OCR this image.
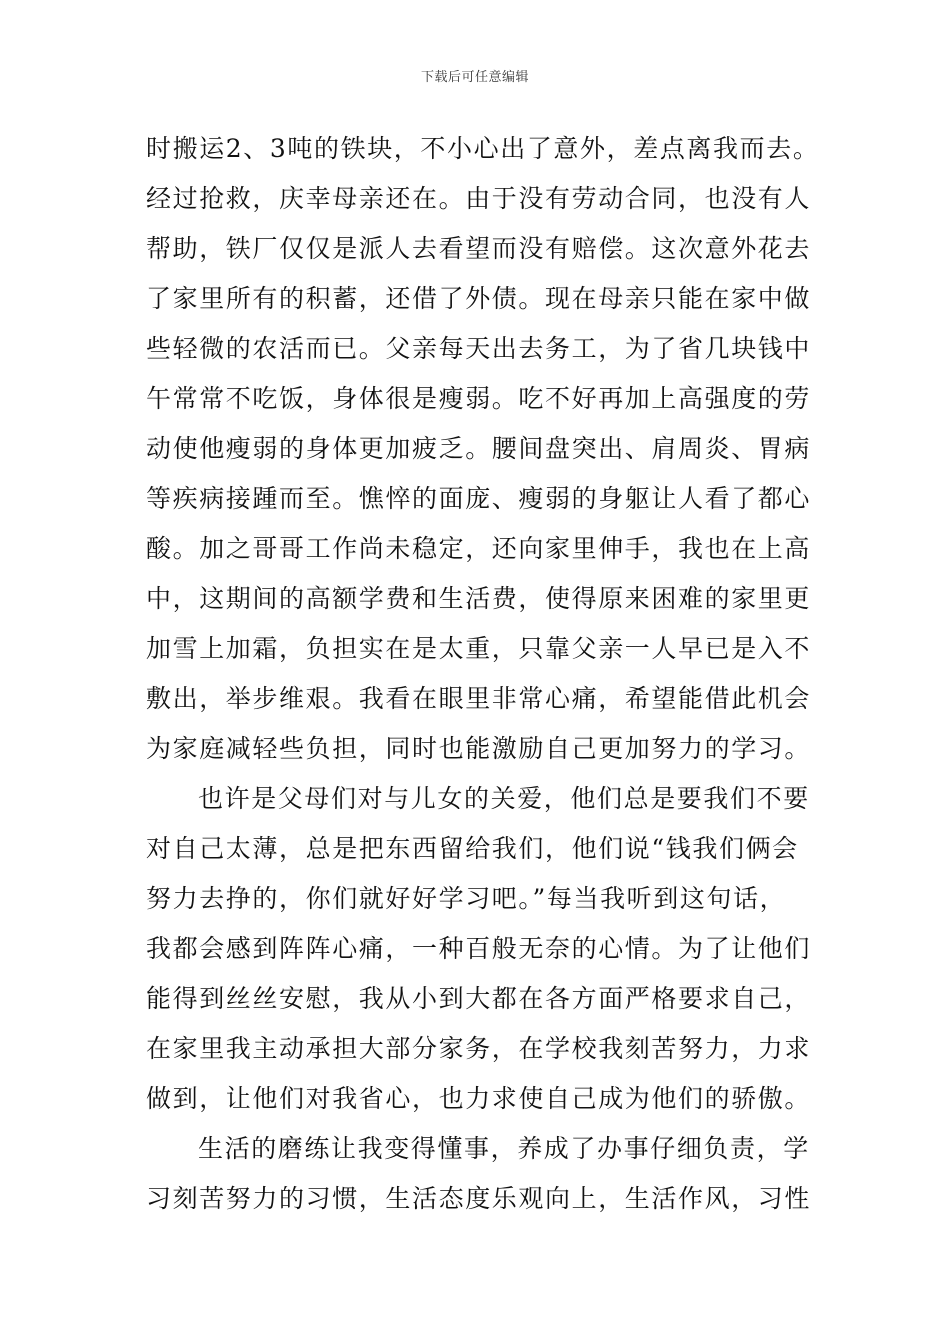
下载后可任意编辑
时搬运2、3吨的铁块，不小心出了意外，差点离我而去。
经过抢救，庆幸母亲还在。由于没有劳动合同，也没有人
帮助，铁厂仅仅是派人去看望而没有赔偿。这次意外花去
了家里所有的积蓄，还借了外债。现在母亲只能在家中做
些轻微的农活而已。父亲每天出去务工，为了省几块钱中
午常常不吃饭，身体很是瘦弱。吃不好再加上高强度的劳
动使他瘦弱的身体更加疲乏。腰间盘突出、肩周炎、胃病
等疾病接踵而至。憔悴的面庞、瘦弱的身躯让人看了都心
酸。加之哥哥工作尚未稳定，还向家里伸手，我也在上高
中，这期间的高额学费和生活费，使得原来困难的家里更
加雪上加霜，负担实在是太重，只靠父亲一人早已是入不
敷出，举步维艰。我看在眼里非常心痛，希望能借此机会
为家庭减轻些负担，同时也能激励自己更加努力的学习。
也许是父母们对与儿女的关爱，他们总是要我们不要
对自己太薄，总是把东西留给我们，他们说“钱我们俩会
努力去挣的，你们就好好学习吧。”每当我听到这句话，
我都会感到阵阵心痛，一种百般无奈的心情。为了让他们
能得到丝丝安慰，我从小到大都在各方面严格要求自己，
在家里我主动承担大部分家务，在学校我刻苦努力，力求
做到，让他们对我省心，也力求使自己成为他们的骄傲。
生活的磨练让我变得懂事，养成了办事仔细负责，学
习刻苦努力的习惯，生活态度乐观向上，生活作风，习性
